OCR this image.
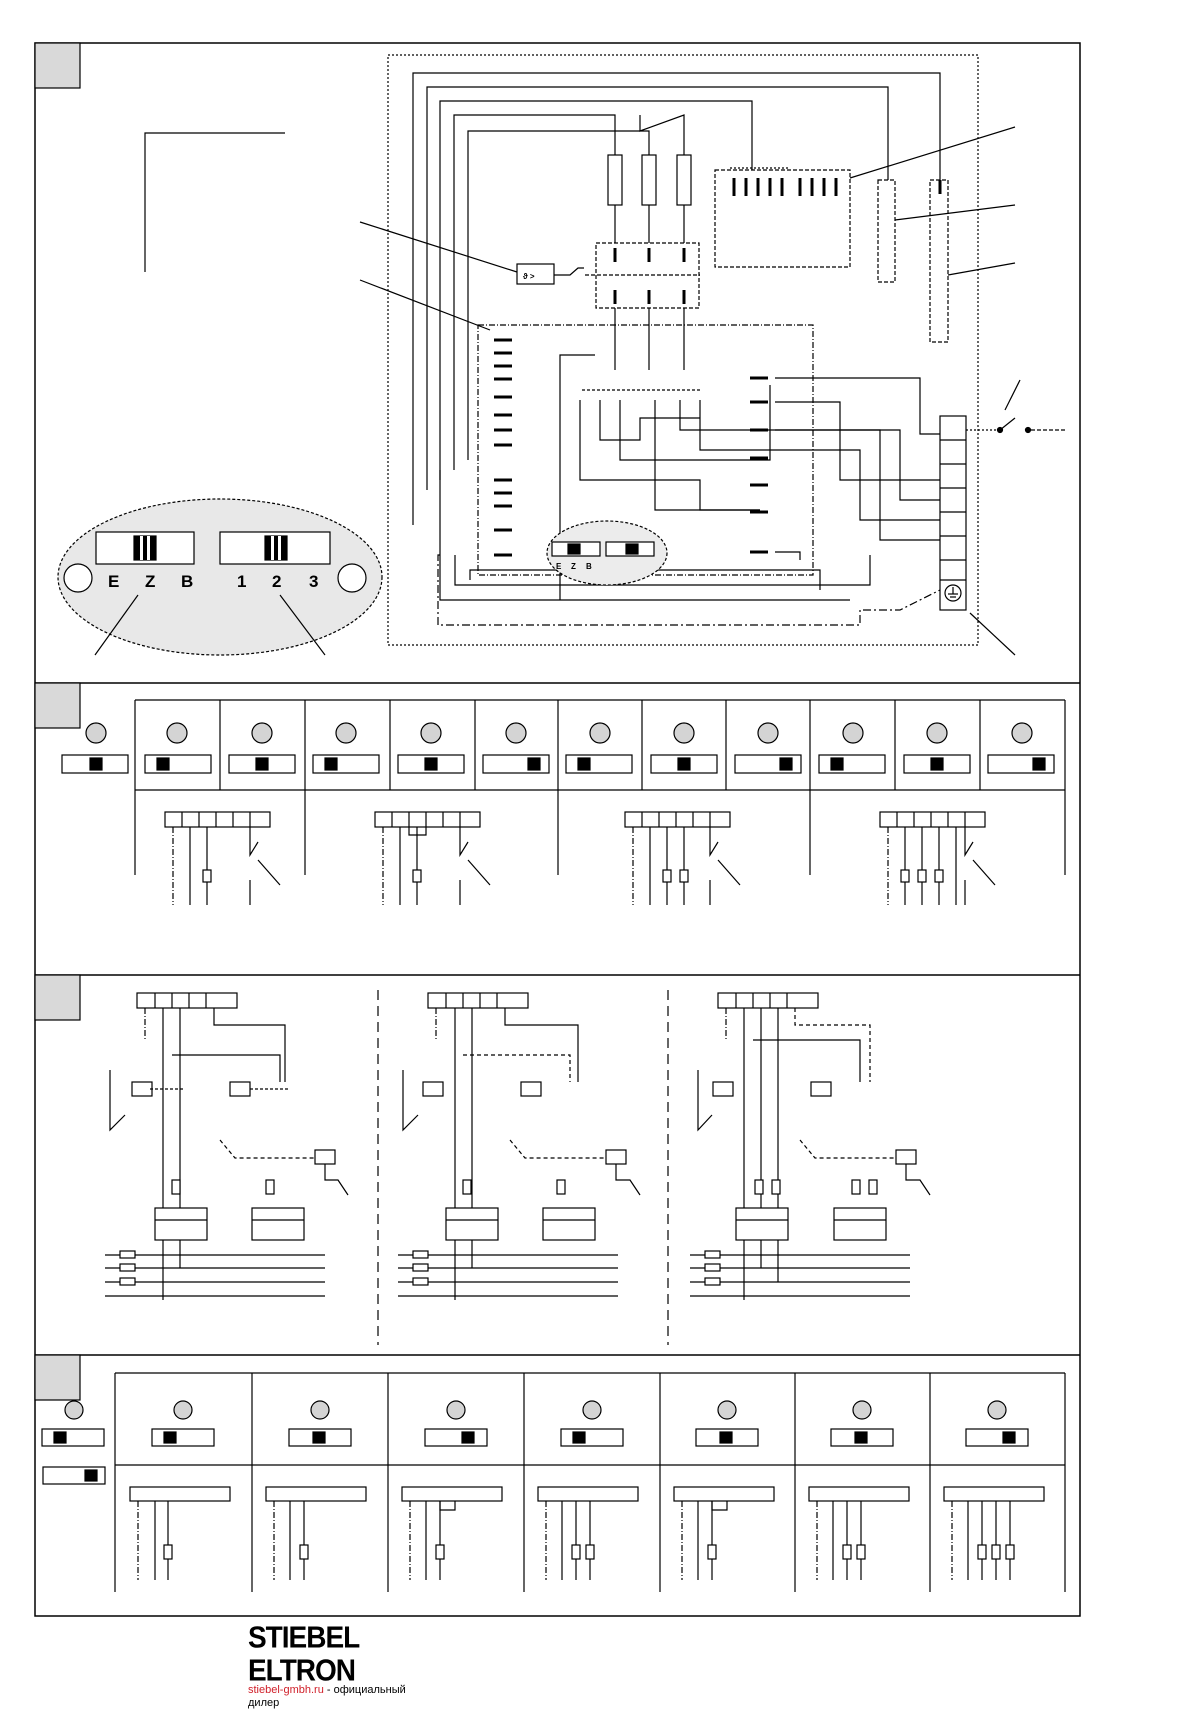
ϑ >
E Z B	1 2 3
E Z B
STIEBEL ELTRON
stiebel-gmbh.ru - официальный дилер
